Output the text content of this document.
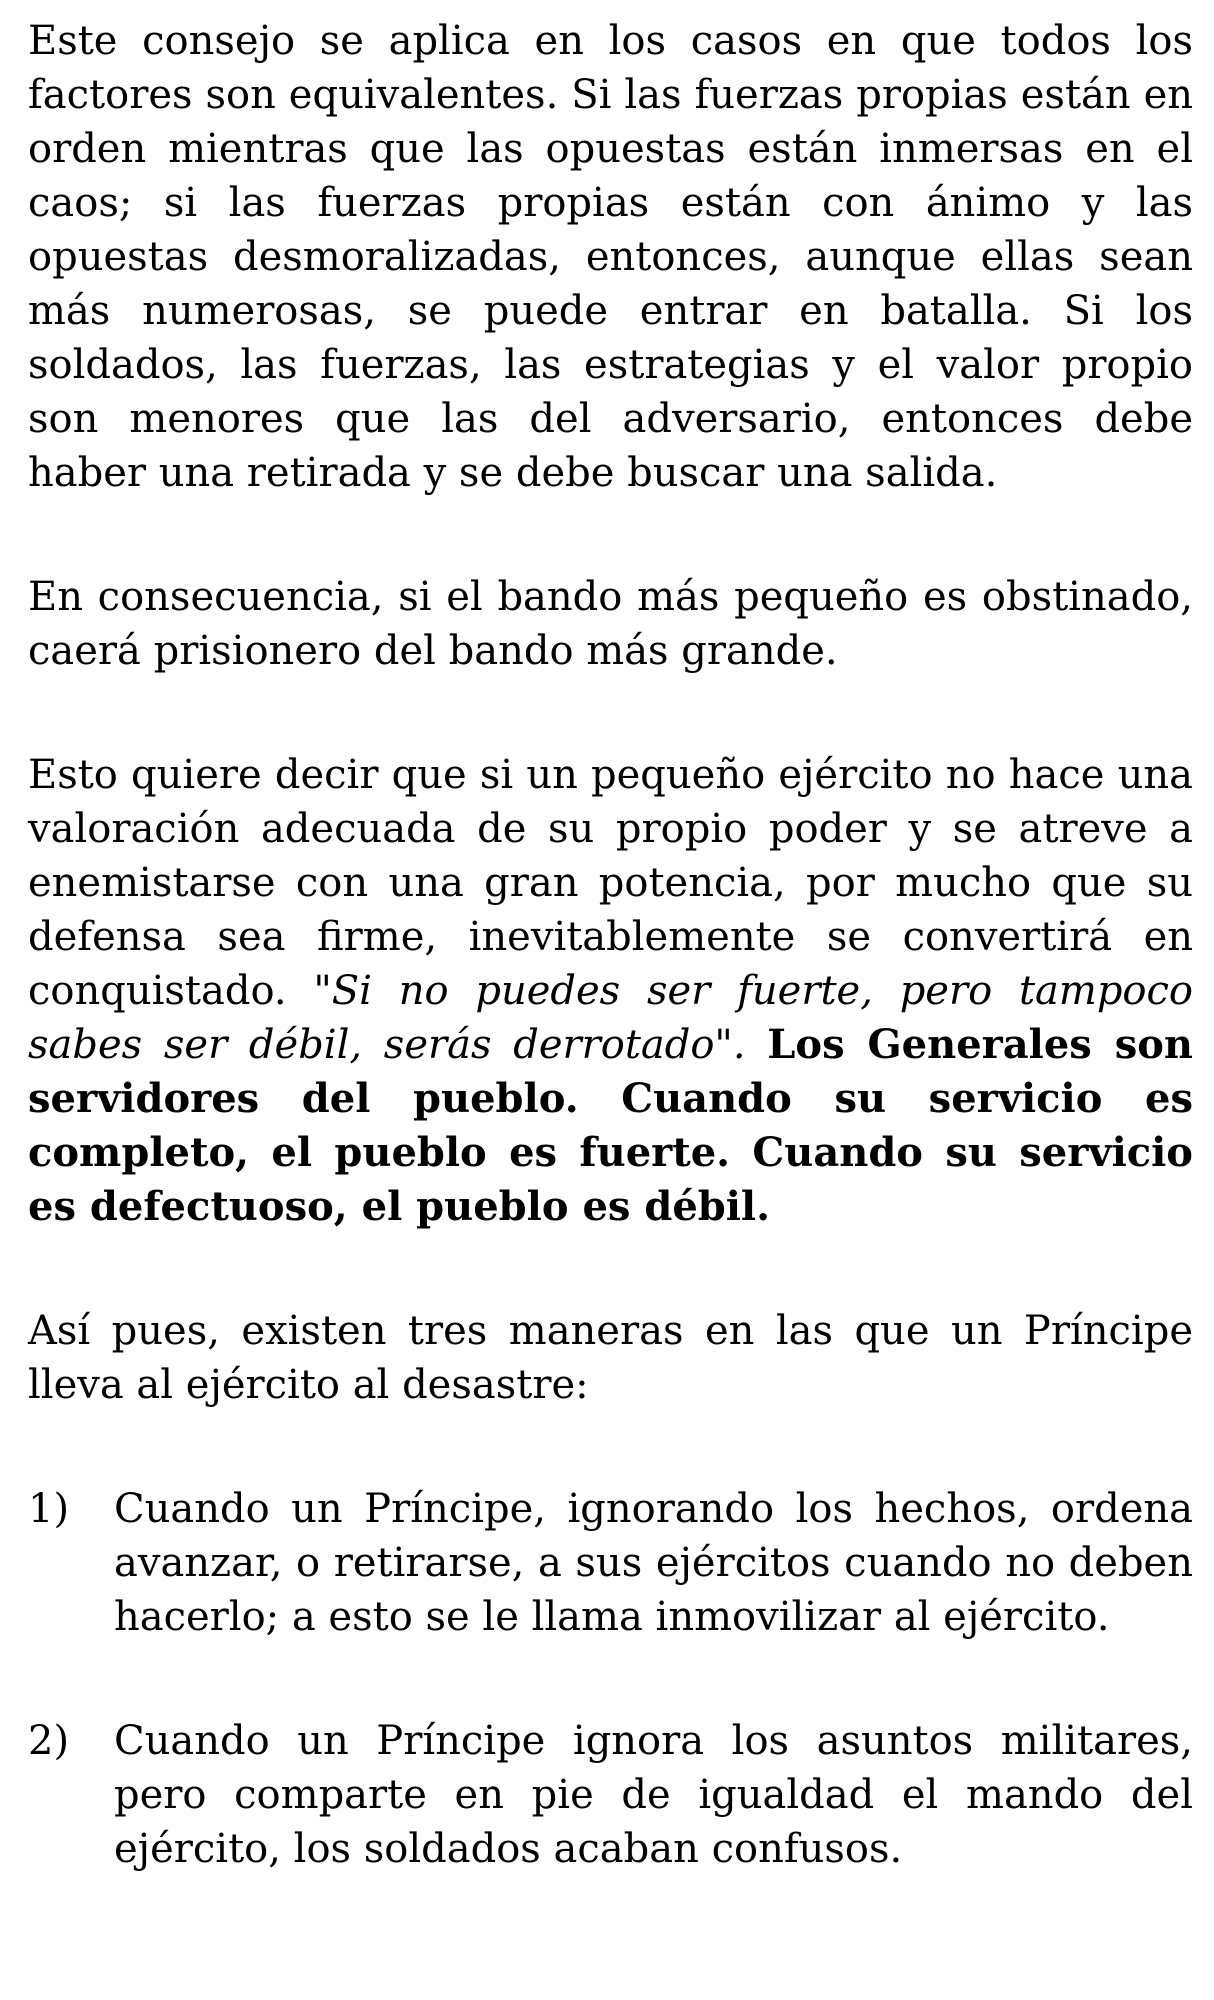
Este consejo se aplica en los casos en que todos los factores son equivalentes. Si las fuerzas propias están en orden mientras que las opuestas están inmersas en el caos; si las fuerzas propias están con ánimo y las opuestas desmoralizadas, entonces, aunque ellas sean más numerosas, se puede entrar en batalla. Si los soldados, las fuerzas, las estrategias y el valor propio son menores que las del adversario, entonces debe haber una retirada y se debe buscar una salida.

En consecuencia, si el bando más pequeño es obstinado, caerá prisionero del bando más grande.

Esto quiere decir que si un pequeño ejército no hace una valoración adecuada de su propio poder y se atreve a enemistarse con una gran potencia, por mucho que su defensa sea firme, inevitablemente se convertirá en conquistado. "Si no puedes ser fuerte, pero tampoco sabes ser débil, serás derrotado". Los Generales son servidores del pueblo. Cuando su servicio es completo, el pueblo es fuerte. Cuando su servicio es defectuoso, el pueblo es débil.

Así pues, existen tres maneras en las que un Príncipe lleva al ejército al desastre:

1)	Cuando un Príncipe, ignorando los hechos, ordena avanzar, o retirarse, a sus ejércitos cuando no deben hacerlo; a esto se le llama inmovilizar al ejército.
2)	Cuando un Príncipe ignora los asuntos militares, pero comparte en pie de igualdad el mando del ejército, los soldados acaban confusos.
